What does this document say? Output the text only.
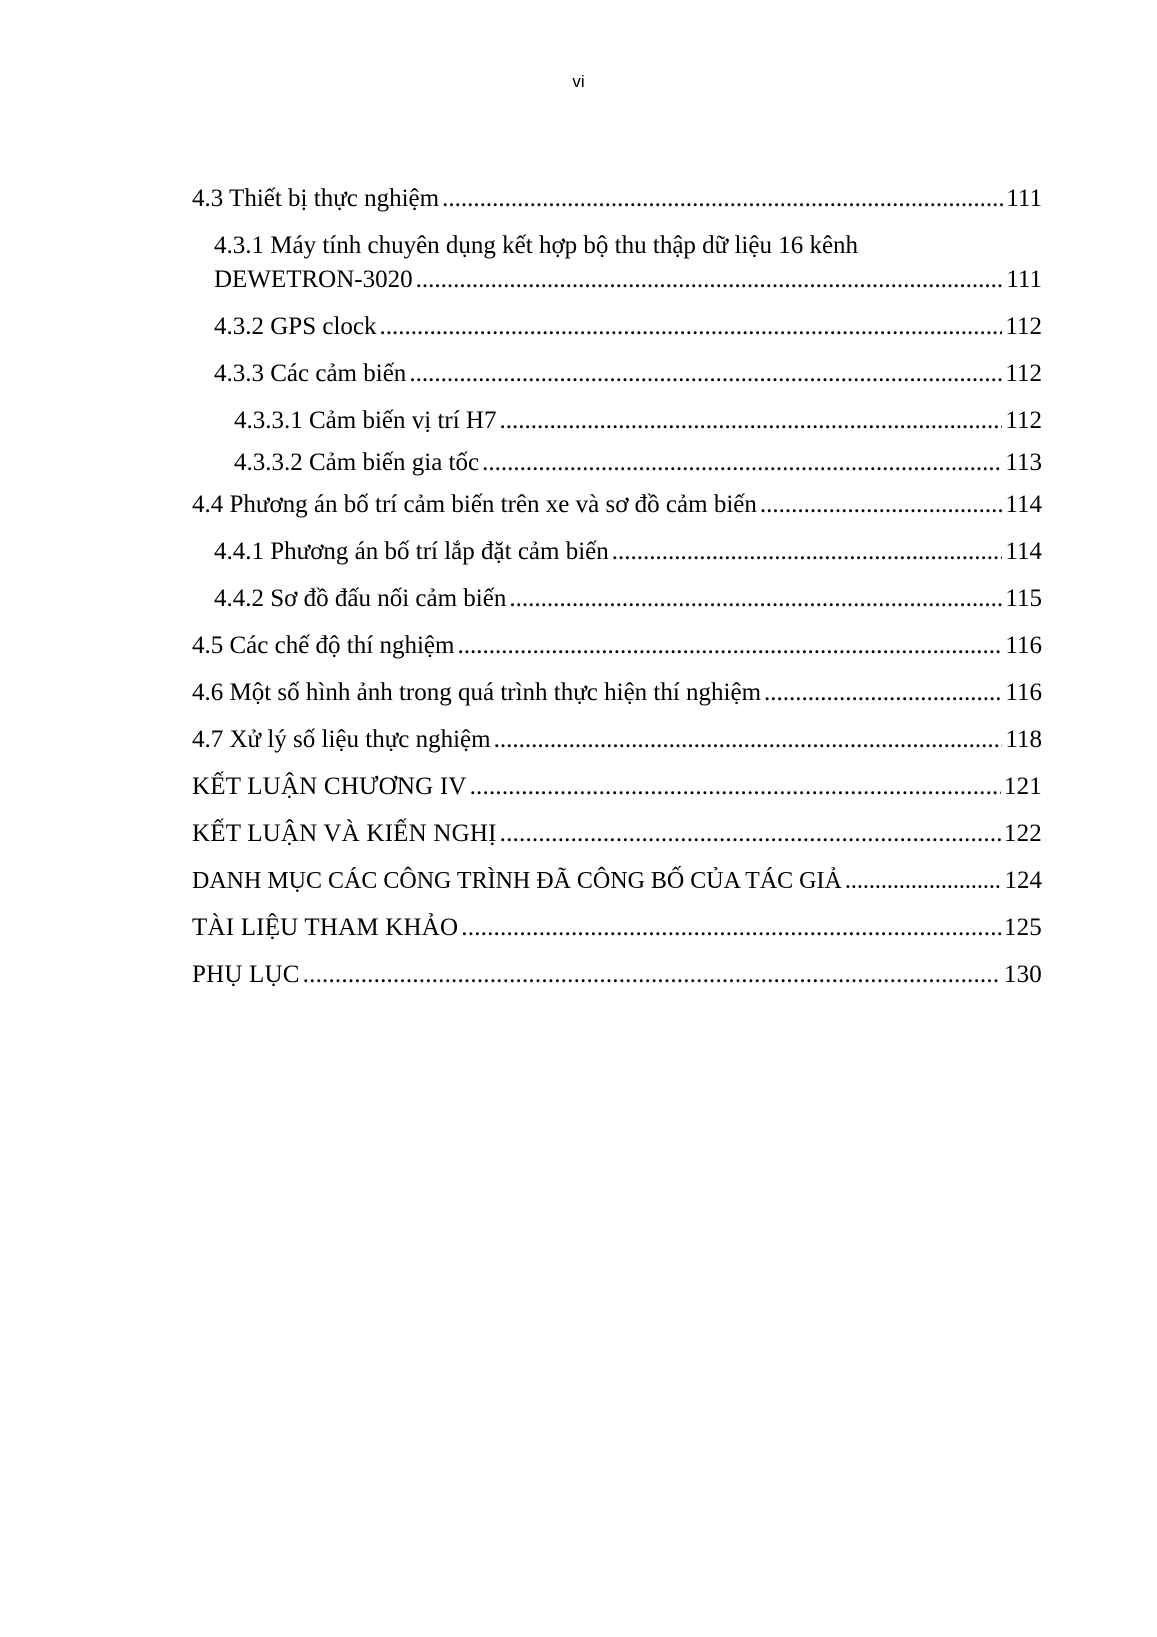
vi
4.3 Thiết bị thực nghiệm .....	111
4.3.1 Máy tính chuyên dụng kết hợp bộ thu thập dữ liệu 16 kênh
DEWETRON-3020 .....	111
4.3.2 GPS clock .....	112
4.3.3 Các cảm biến .....	112
4.3.3.1 Cảm biến vị trí H7 .....	112
4.3.3.2 Cảm biến gia tốc .....	113
4.4 Phương án bố trí cảm biến trên xe và sơ đồ cảm biến .....	114
4.4.1 Phương án bố trí lắp đặt cảm biến .....	114
4.4.2 Sơ đồ đấu nối cảm biến .....	115
4.5 Các chế độ thí nghiệm .....	116
4.6 Một số hình ảnh trong quá trình thực hiện thí nghiệm .....	116
4.7 Xử lý số liệu thực nghiệm .....	118
KẾT LUẬN CHƯƠNG IV .....	121
KẾT LUẬN VÀ KIẾN NGHỊ .....	122
DANH MỤC CÁC CÔNG TRÌNH ĐÃ CÔNG BỐ CỦA TÁC GIẢ .....	124
TÀI LIỆU THAM KHẢO .....	125
PHỤ LỤC .....	130
